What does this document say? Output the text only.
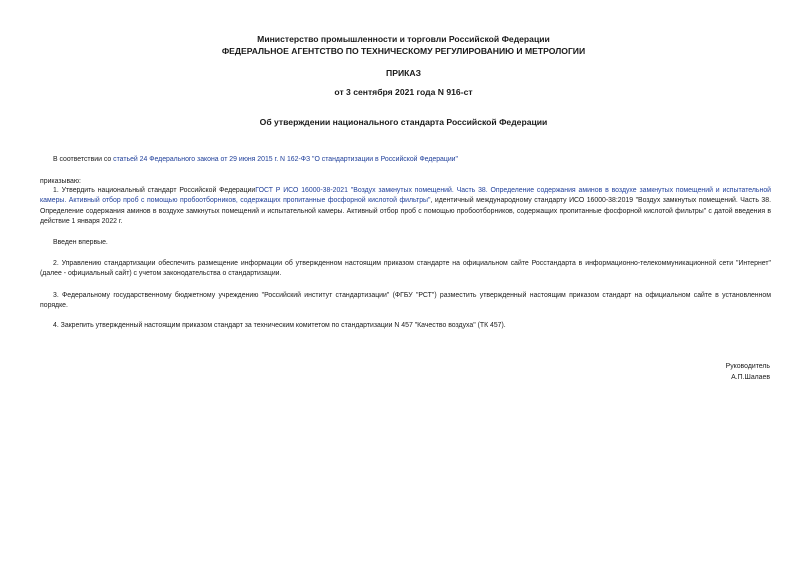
Министерство промышленности и торговли Российской Федерации
ФЕДЕРАЛЬНОЕ АГЕНТСТВО ПО ТЕХНИЧЕСКОМУ РЕГУЛИРОВАНИЮ И МЕТРОЛОГИИ
ПРИКАЗ
от 3 сентября 2021 года N 916-ст
Об утверждении национального стандарта Российской Федерации
В соответствии со статьей 24 Федерального закона от 29 июня 2015 г. N 162-ФЗ "О стандартизации в Российской Федерации"
приказываю:
1. Утвердить национальный стандарт Российской ФедерацииГОСТ Р ИСО 16000-38-2021 "Воздух замкнутых помещений. Часть 38. Определение содержания аминов в воздухе замкнутых помещений и испытательной камеры. Активный отбор проб с помощью пробоотборников, содержащих пропитанные фосфорной кислотой фильтры", идентичный международному стандарту ИСО 16000-38:2019 "Воздух замкнутых помещений. Часть 38. Определение содержания аминов в воздухе замкнутых помещений и испытательной камеры. Активный отбор проб с помощью пробоотборников, содержащих пропитанные фосфорной кислотой фильтры" с датой введения в действие 1 января 2022 г.
Введен впервые.
2. Управлению стандартизации обеспечить размещение информации об утвержденном настоящим приказом стандарте на официальном сайте Росстандарта в информационно-телекоммуникационной сети "Интернет" (далее - официальный сайт) с учетом законодательства о стандартизации.
3. Федеральному государственному бюджетному учреждению "Российский институт стандартизации" (ФГБУ "РСТ") разместить утвержденный настоящим приказом стандарт на официальном сайте в установленном порядке.
4. Закрепить утвержденный настоящим приказом стандарт за техническим комитетом по стандартизации N 457 "Качество воздуха" (ТК 457).
Руководитель
А.П.Шалаев
